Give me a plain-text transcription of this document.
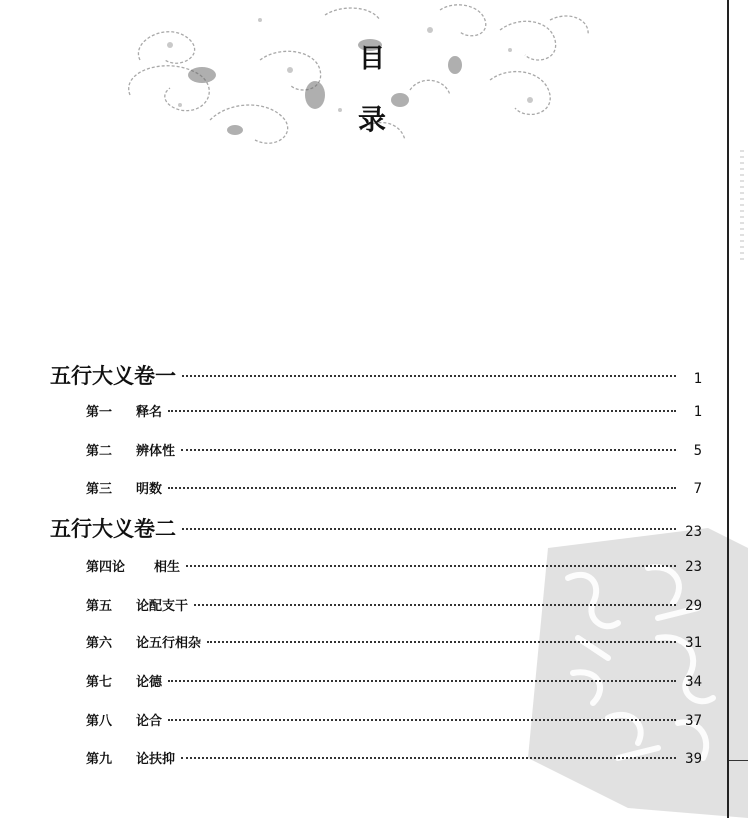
目
录
五行大义卷一	1
第一 释名	1
第二 辨体性	5
第三 明数	7
五行大义卷二	23
第四论 相生	23
第五 论配支干	29
第六 论五行相杂	31
第七 论德	34
第八 论合	37
第九 论扶抑	39
